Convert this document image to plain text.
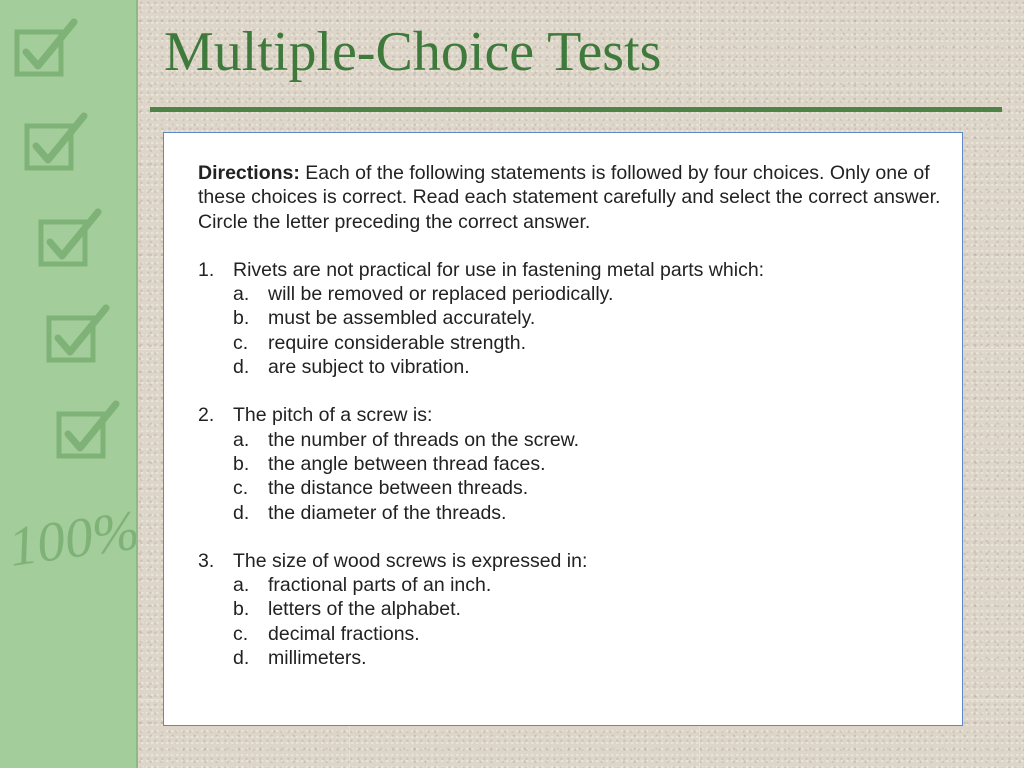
100%
Multiple-Choice Tests
Directions: Each of the following statements is followed by four choices. Only one of these choices is correct. Read each statement carefully and select the correct answer. Circle the letter preceding the correct answer.
1. Rivets are not practical for use in fastening metal parts which:
a. will be removed or replaced periodically.
b. must be assembled accurately.
c.	require considerable strength.
d. are subject to vibration.
2. The pitch of a screw is:
a. the number of threads on the screw.
b. the angle between thread faces.
c.	the distance between threads.
d. the diameter of the threads.
3. The size of wood screws is expressed in:
a. fractional parts of an inch.
b. letters of the alphabet.
c.	decimal fractions.
d. millimeters.
